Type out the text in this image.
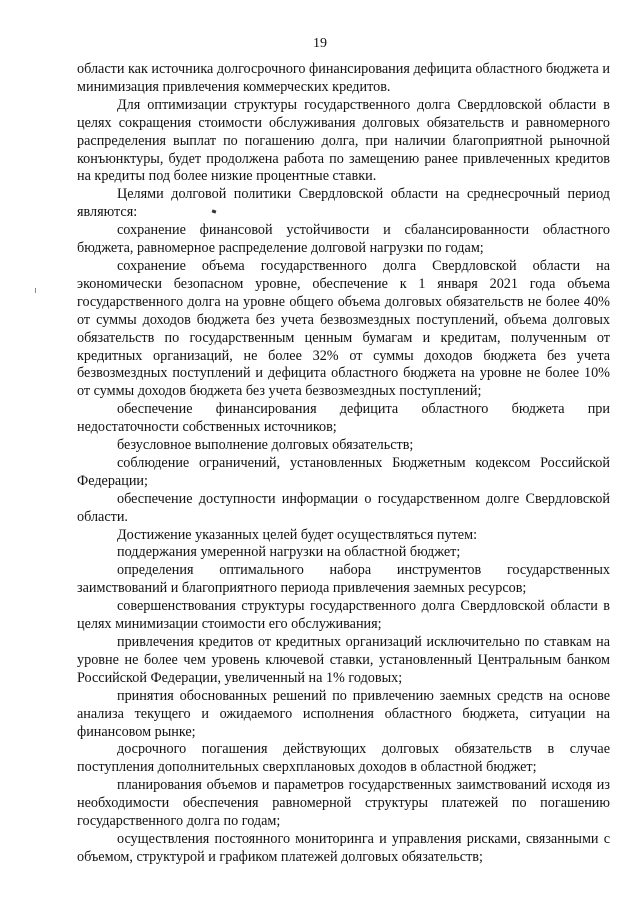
19

области как источника долгосрочного финансирования дефицита областного бюджета и минимизация привлечения коммерческих кредитов.

Для оптимизации структуры государственного долга Свердловской области в целях сокращения стоимости обслуживания долговых обязательств и равномерного распределения выплат по погашению долга, при наличии благоприятной рыночной конъюнктуры, будет продолжена работа по замещению ранее привлеченных кредитов на кредиты под более низкие процентные ставки.

Целями долговой политики Свердловской области на среднесрочный период являются:

сохранение финансовой устойчивости и сбалансированности областного бюджета, равномерное распределение долговой нагрузки по годам;

сохранение объема государственного долга Свердловской области на экономически безопасном уровне, обеспечение к 1 января 2021 года объема государственного долга на уровне общего объема долговых обязательств не более 40% от суммы доходов бюджета без учета безвозмездных поступлений, объема долговых обязательств по государственным ценным бумагам и кредитам, полученным от кредитных организаций, не более 32% от суммы доходов бюджета без учета безвозмездных поступлений и дефицита областного бюджета на уровне не более 10% от суммы доходов бюджета без учета безвозмездных поступлений;

обеспечение финансирования дефицита областного бюджета при недостаточности собственных источников;

безусловное выполнение долговых обязательств;

соблюдение ограничений, установленных Бюджетным кодексом Российской Федерации;

обеспечение доступности информации о государственном долге Свердловской области.

Достижение указанных целей будет осуществляться путем:

поддержания умеренной нагрузки на областной бюджет;

определения оптимального набора инструментов государственных заимствований и благоприятного периода привлечения заемных ресурсов;

совершенствования структуры государственного долга Свердловской области в целях минимизации стоимости его обслуживания;

привлечения кредитов от кредитных организаций исключительно по ставкам на уровне не более чем уровень ключевой ставки, установленный Центральным банком Российской Федерации, увеличенный на 1% годовых;

принятия обоснованных решений по привлечению заемных средств на основе анализа текущего и ожидаемого исполнения областного бюджета, ситуации на финансовом рынке;

досрочного погашения действующих долговых обязательств в случае поступления дополнительных сверхплановых доходов в областной бюджет;

планирования объемов и параметров государственных заимствований исходя из необходимости обеспечения равномерной структуры платежей по погашению государственного долга по годам;

осуществления постоянного мониторинга и управления рисками, связанными с объемом, структурой и графиком платежей долговых обязательств;
